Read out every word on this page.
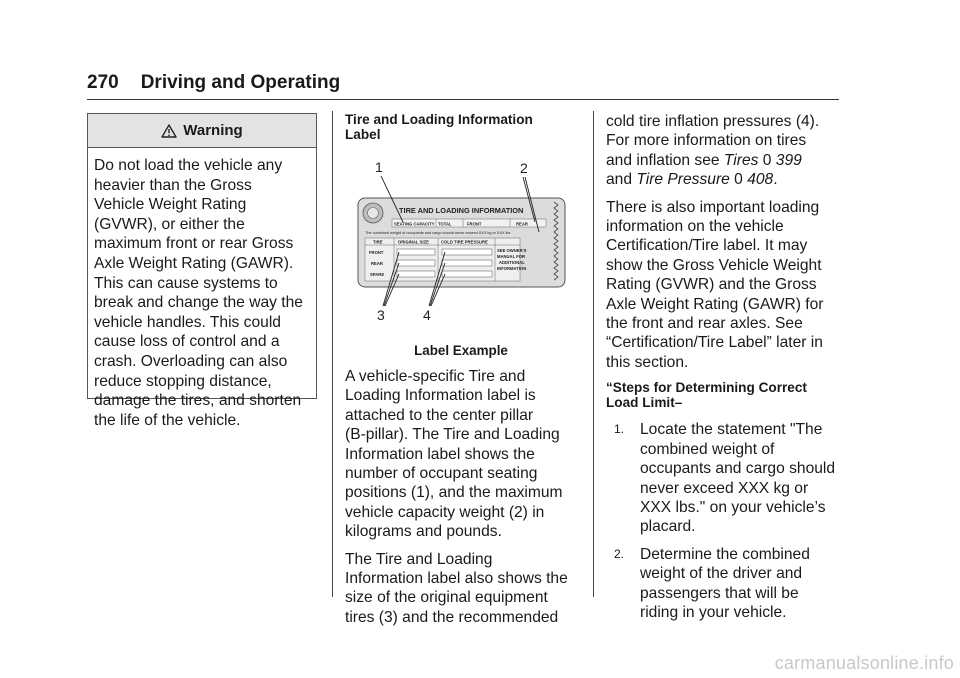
270 Driving and Operating
Warning
Do not load the vehicle any
heavier than the Gross
Vehicle Weight Rating
(GVWR), or either the
maximum front or rear Gross
Axle Weight Rating (GAWR).
This can cause systems to
break and change the way the
vehicle handles. This could
cause loss of control and a
crash. Overloading can also
reduce stopping distance,
damage the tires, and shorten
the life of the vehicle.

Tire and Loading Information
Label

1	2
3	4
TIRE AND LOADING INFORMATION
SEATING CAPACITY TOTAL	FRONT	REAR
The combined weight of occupants and cargo should never exceed XXX kg or XXX lbs
TIRE	ORIGINAL SIZE	COLD TIRE PRESSURE
FRONT
REAR
SPARE
SEE OWNER'S
MANUAL FOR
ADDITIONAL
INFORMATION
Label Example

A vehicle-specific Tire and
Loading Information label is
attached to the center pillar
(B-pillar). The Tire and Loading
Information label shows the
number of occupant seating
positions (1), and the maximum
vehicle capacity weight (2) in
kilograms and pounds.

The Tire and Loading
Information label also shows the
size of the original equipment
tires (3) and the recommended

cold tire inflation pressures (4).
For more information on tires
and inflation see Tires 0 399
and Tire Pressure 0 408.

There is also important loading
information on the vehicle
Certification/Tire label. It may
show the Gross Vehicle Weight
Rating (GVWR) and the Gross
Axle Weight Rating (GAWR) for
the front and rear axles. See
“Certification/Tire Label” later in
this section.

“Steps for Determining Correct
Load Limit–

1.	Locate the statement "The
combined weight of
occupants and cargo should
never exceed XXX kg or
XXX lbs." on your vehicle’s
placard.
2.	Determine the combined
weight of the driver and
passengers that will be
riding in your vehicle.
carmanualsonline.info
